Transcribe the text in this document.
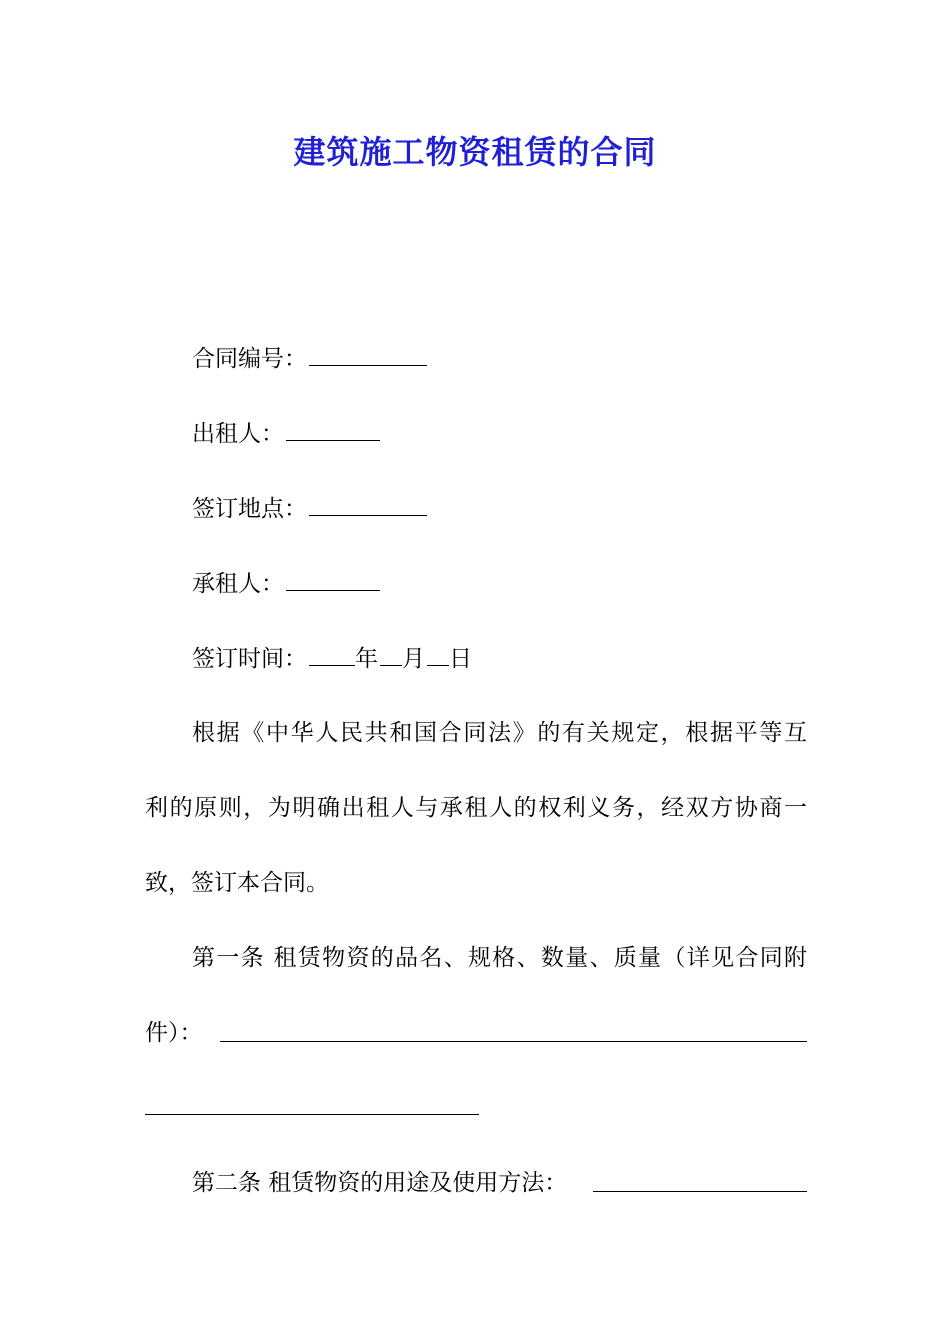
建筑施工物资租赁的合同
合同编号：
出租人：
签订地点：
承租人：
签订时间： 年 月 日
根据《中华人民共和国合同法》的有关规定，根据平等互
利的原则，为明确出租人与承租人的权利义务，经双方协商一
致，签订本合同。
第一条 租赁物资的品名、规格、数量、质量（详见合同附
件）：
第二条 租赁物资的用途及使用方法：
